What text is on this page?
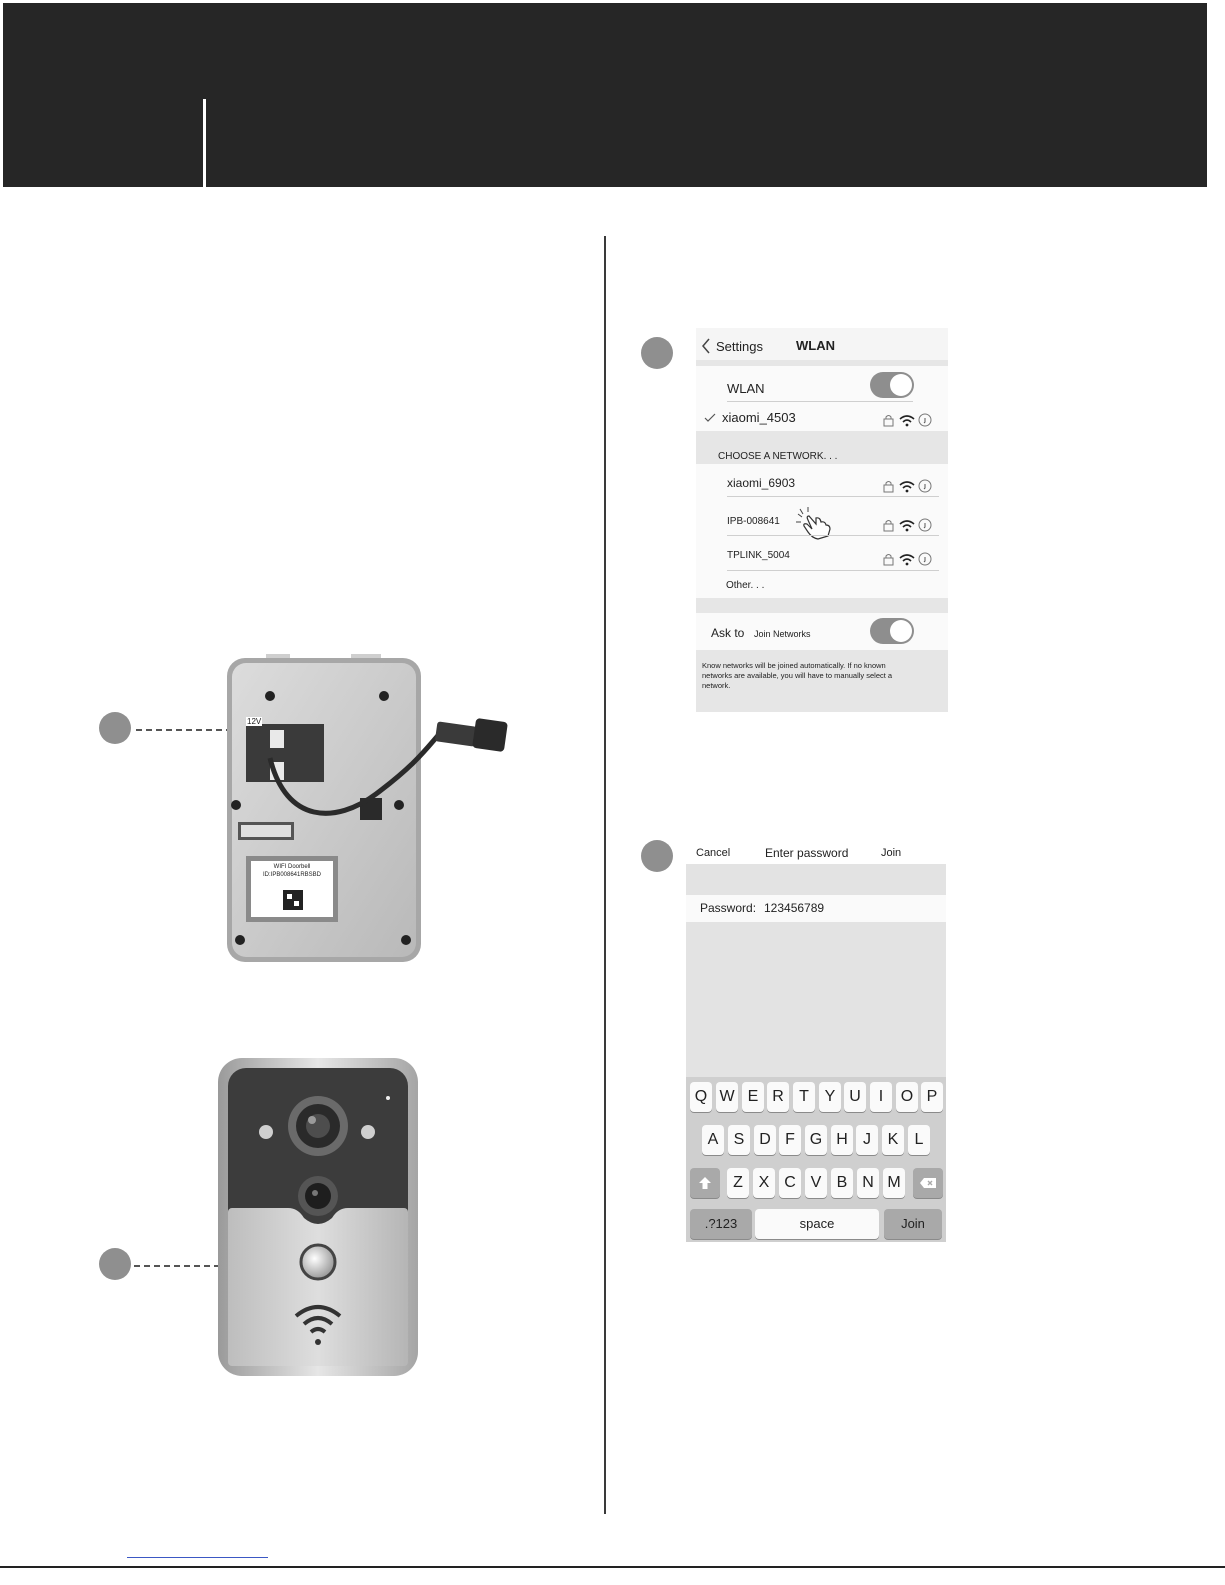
12V
WIFI Doorbell
ID:IPB008641RBSBD
Settings	WLAN
WLAN
xiaomi_4503
CHOOSE A NETWORK. . .
xiaomi_6903
IPB-008641
TPLINK_5004
Other. . .
Ask to Join Networks
Know networks will be joined automatically. If no known
networks are available, you will have to manually select a
network.
Cancel	Enter password	Join
Password: 123456789
Q W E R T Y U	I	O P
A S D F G H J	K	L
Z X C V B N M
.?123	space	Join
